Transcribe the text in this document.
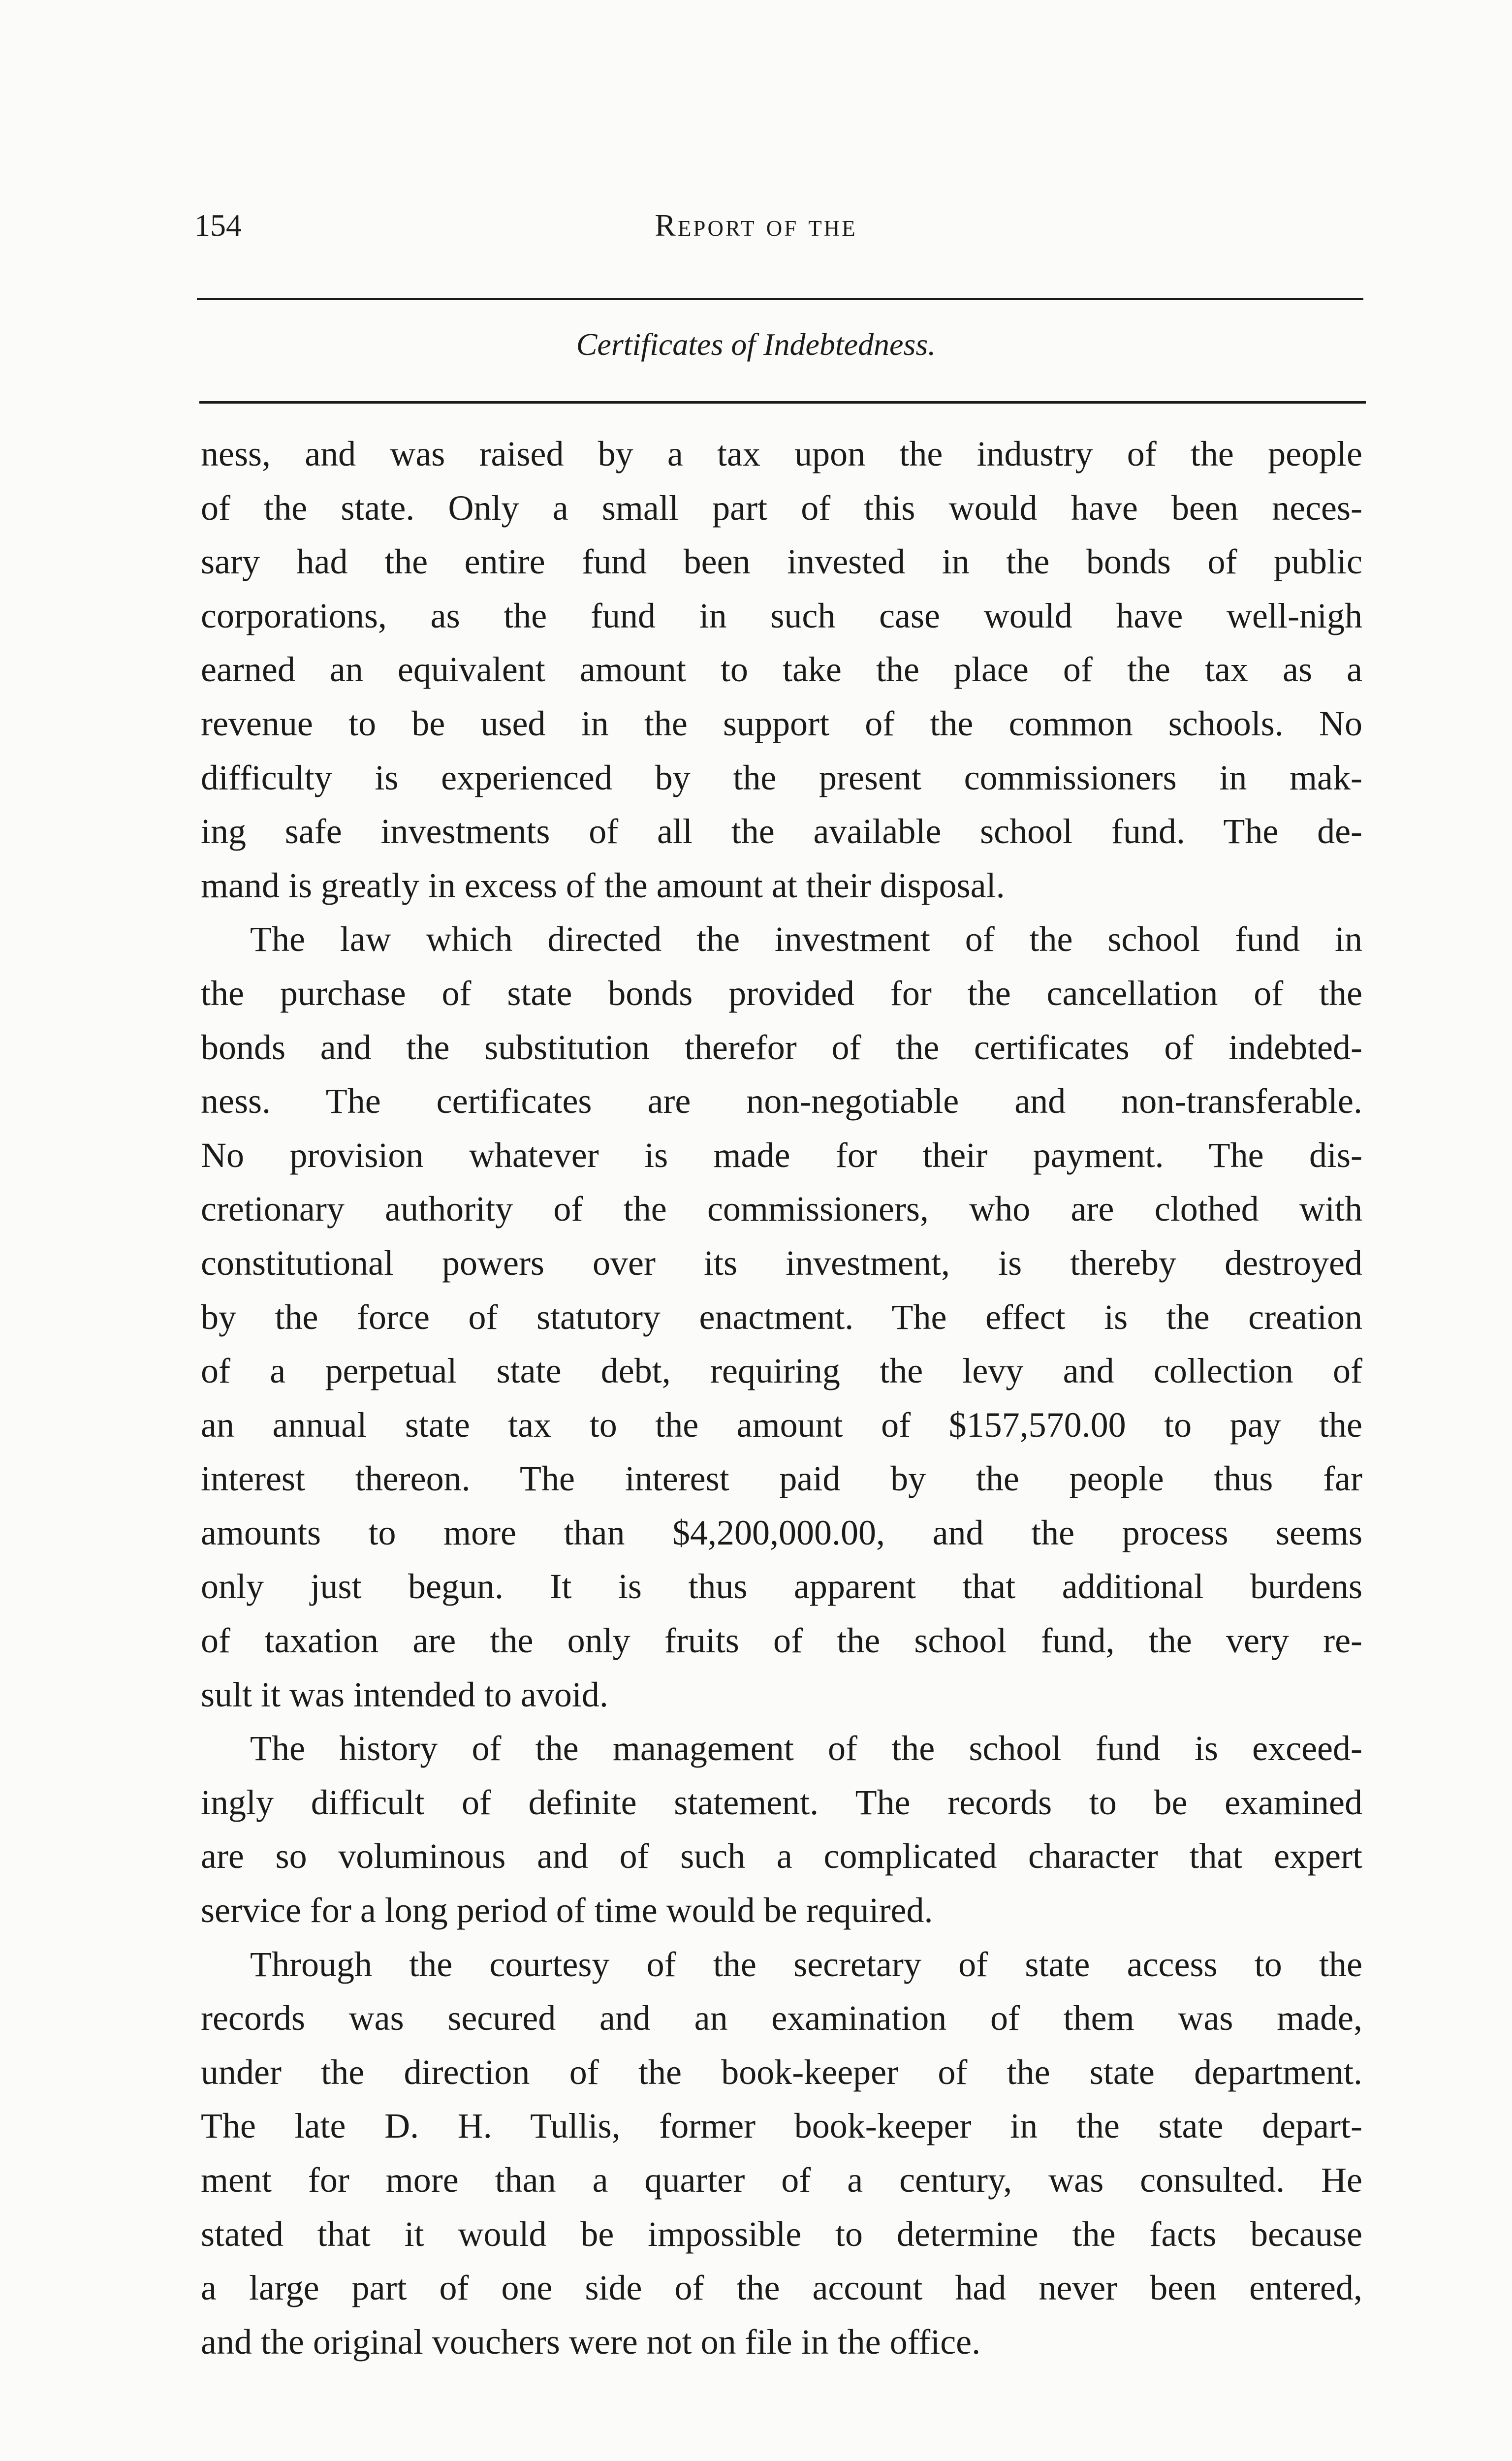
154	Report of the
Certificates of Indebtedness.
ness, and was raised by a tax upon the industry of the people
of the state. Only a small part of this would have been neces-
sary had the entire fund been invested in the bonds of public
corporations, as the fund in such case would have well-nigh
earned an equivalent amount to take the place of the tax as a
revenue to be used in the support of the common schools. No
difficulty is experienced by the present commissioners in mak-
ing safe investments of all the available school fund. The de-
mand is greatly in excess of the amount at their disposal.
The law which directed the investment of the school fund in
the purchase of state bonds provided for the cancellation of the
bonds and the substitution therefor of the certificates of indebted-
ness. The certificates are non-negotiable and non-transferable.
No provision whatever is made for their payment. The dis-
cretionary authority of the commissioners, who are clothed with
constitutional powers over its investment, is thereby destroyed
by the force of statutory enactment. The effect is the creation
of a perpetual state debt, requiring the levy and collection of
an annual state tax to the amount of $157,570.00 to pay the
interest thereon. The interest paid by the people thus far
amounts to more than $4,200,000.00, and the process seems
only just begun. It is thus apparent that additional burdens
of taxation are the only fruits of the school fund, the very re-
sult it was intended to avoid.
The history of the management of the school fund is exceed-
ingly difficult of definite statement. The records to be examined
are so voluminous and of such a complicated character that expert
service for a long period of time would be required.
Through the courtesy of the secretary of state access to the
records was secured and an examination of them was made,
under the direction of the book-keeper of the state department.
The late D. H. Tullis, former book-keeper in the state depart-
ment for more than a quarter of a century, was consulted. He
stated that it would be impossible to determine the facts because
a large part of one side of the account had never been entered,
and the original vouchers were not on file in the office.
